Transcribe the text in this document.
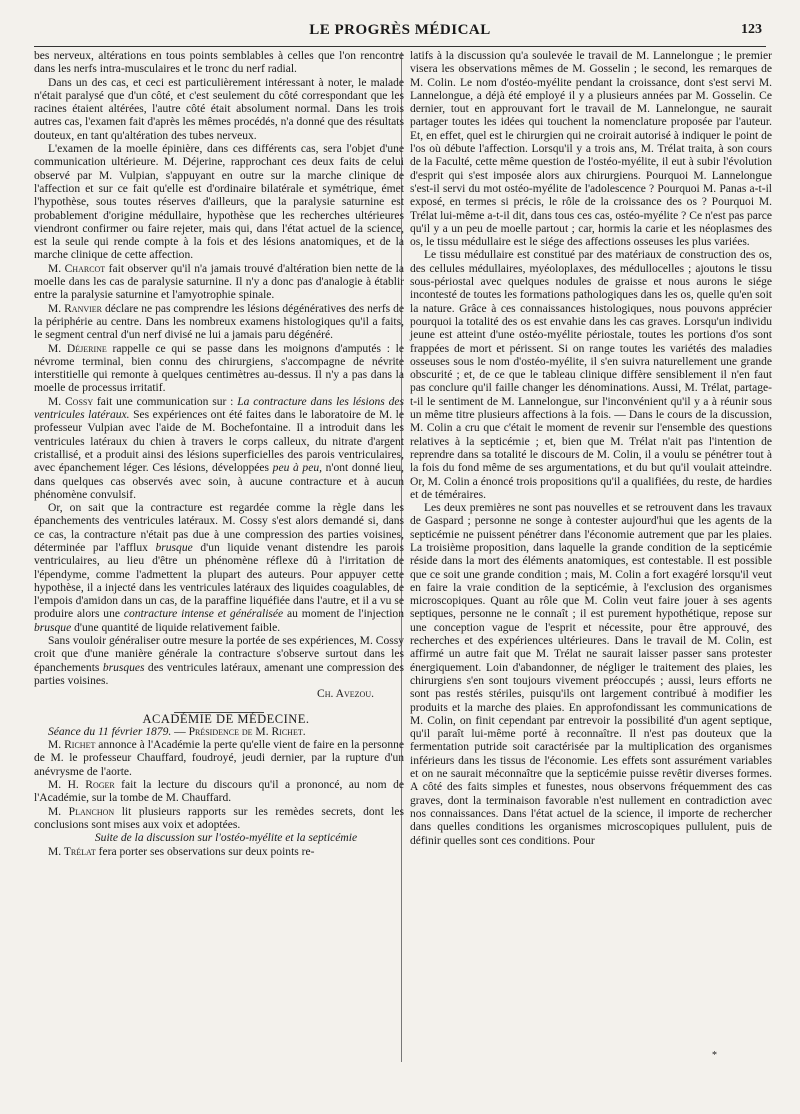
LE PROGRÈS MÉDICAL	123

bes nerveux, altérations en tous points semblables à celles que l'on rencontre dans les nerfs intra-musculaires et le tronc du nerf radial.

Dans un des cas, et ceci est particulièrement intéressant à noter, le malade n'était paralysé que d'un côté, et c'est seulement du côté correspondant que les racines étaient altérées, l'autre côté était absolument normal. Dans les trois autres cas, l'examen fait d'après les mêmes procédés, n'a donné que des résultats douteux, en tant qu'altération des tubes nerveux.

L'examen de la moelle épinière, dans ces différents cas, sera l'objet d'une communication ultérieure. M. Déjerine, rapprochant ces deux faits de celui observé par M. Vulpian, s'appuyant en outre sur la marche clinique de l'affection et sur ce fait qu'elle est d'ordinaire bilatérale et symétrique, émet l'hypothèse, sous toutes réserves d'ailleurs, que la paralysie saturnine est probablement d'origine médullaire, hypothèse que les recherches ultérieures viendront confirmer ou faire rejeter, mais qui, dans l'état actuel de la science, est la seule qui rende compte à la fois et des lésions anatomiques, et de la marche clinique de cette affection.

M. Charcot fait observer qu'il n'a jamais trouvé d'altération bien nette de la moelle dans les cas de paralysie saturnine. Il n'y a donc pas d'analogie à établir entre la paralysie saturnine et l'amyotrophie spinale.

M. Ranvier déclare ne pas comprendre les lésions dégénératives des nerfs de la périphérie au centre. Dans les nombreux examens histologiques qu'il a faits, le segment central d'un nerf divisé ne lui a jamais paru dégénéré.

M. Déjerine rappelle ce qui se passe dans les moignons d'amputés : le névrome terminal, bien connu des chirurgiens, s'accompagne de névrite interstitielle qui remonte à quelques centimètres au-dessus. Il n'y a pas dans la moelle de processus irritatif.

M. Cossy fait une communication sur : La contracture dans les lésions des ventricules latéraux. Ses expériences ont été faites dans le laboratoire de M. le professeur Vulpian avec l'aide de M. Bochefontaine. Il a introduit dans les ventricules latéraux du chien à travers le corps calleux, du nitrate d'argent cristallisé, et a produit ainsi des lésions superficielles des parois ventriculaires, avec épanchement léger. Ces lésions, développées peu à peu, n'ont donné lieu, dans quelques cas observés avec soin, à aucune contracture et à aucun phénomène convulsif.

Or, on sait que la contracture est regardée comme la règle dans les épanchements des ventricules latéraux. M. Cossy s'est alors demandé si, dans ce cas, la contracture n'était pas due à une compression des parties voisines, déterminée par l'afflux brusque d'un liquide venant distendre les parois ventriculaires, au lieu d'être un phénomène réflexe dû à l'irritation de l'épendyme, comme l'admettent la plupart des auteurs. Pour appuyer cette hypothèse, il a injecté dans les ventricules latéraux des liquides coagulables, de l'empois d'amidon dans un cas, de la paraffine liquéfiée dans l'autre, et il a vu se produire alors une contracture intense et généralisée au moment de l'injection brusque d'une quantité de liquide relativement faible.

Sans vouloir généraliser outre mesure la portée de ses expériences, M. Cossy croit que d'une manière générale la contracture s'observe surtout dans les épanchements brusques des ventricules latéraux, amenant une compression des parties voisines.

Ch. Avezou.

ACADÉMIE DE MÉDECINE.

Séance du 11 février 1879. — Présidence de M. Richet.

M. Richet annonce à l'Académie la perte qu'elle vient de faire en la personne de M. le professeur Chauffard, foudroyé, jeudi dernier, par la rupture d'un anévrysme de l'aorte.

M. H. Roger fait la lecture du discours qu'il a prononcé, au nom de l'Académie, sur la tombe de M. Chauffard.

M. Planchon lit plusieurs rapports sur les remèdes secrets, dont les conclusions sont mises aux voix et adoptées.

Suite de la discussion sur l'ostéo-myélite et la septicémie

M. Trélat fera porter ses observations sur deux points re-

latifs à la discussion qu'a soulevée le travail de M. Lannelongue ; le premier visera les observations mêmes de M. Gosselin ; le second, les remarques de M. Colin. Le nom d'ostéo-myélite pendant la croissance, dont s'est servi M. Lannelongue, a déjà été employé il y a plusieurs années par M. Gosselin. Ce dernier, tout en approuvant fort le travail de M. Lannelongue, ne saurait partager toutes les idées qui touchent la nomenclature proposée par l'auteur. Et, en effet, quel est le chirurgien qui ne croirait autorisé à indiquer le point de l'os où débute l'affection. Lorsqu'il y a trois ans, M. Trélat traita, à son cours de la Faculté, cette même question de l'ostéo-myélite, il eut à subir l'évolution d'esprit qui s'est imposée alors aux chirurgiens. Pourquoi M. Lannelongue s'est-il servi du mot ostéo-myélite de l'adolescence ? Pourquoi M. Panas a-t-il exposé, en termes si précis, le rôle de la croissance des os ? Pourquoi M. Trélat lui-même a-t-il dit, dans tous ces cas, ostéo-myélite ? Ce n'est pas parce qu'il y a un peu de moelle partout ; car, hormis la carie et les néoplasmes des os, le tissu médullaire est le siége des affections osseuses les plus variées.

Le tissu médullaire est constitué par des matériaux de construction des os, des cellules médullaires, myéoloplaxes, des médullocelles ; ajoutons le tissu sous-périostal avec quelques nodules de graisse et nous aurons le siége incontesté de toutes les formations pathologiques dans les os, quelle qu'en soit la nature. Grâce à ces connaissances histologiques, nous pouvons apprécier pourquoi la totalité des os est envahie dans les cas graves. Lorsqu'un individu jeune est atteint d'une ostéo-myélite périostale, toutes les portions d'os sont frappées de mort et périssent. Si on range toutes les variétés des maladies osseuses sous le nom d'ostéo-myélite, il s'en suivra naturellement une grande obscurité ; et, de ce que le tableau clinique diffère sensiblement il n'en faut pas conclure qu'il faille changer les dénominations. Aussi, M. Trélat, partage-t-il le sentiment de M. Lannelongue, sur l'inconvénient qu'il y a à réunir sous un même titre plusieurs affections à la fois. — Dans le cours de la discussion, M. Colin a cru que c'était le moment de revenir sur l'ensemble des questions relatives à la septicémie ; et, bien que M. Trélat n'ait pas l'intention de reprendre dans sa totalité le discours de M. Colin, il a voulu se pénétrer tout à la fois du fond même de ses argumentations, et du but qu'il voulait atteindre. Or, M. Colin a énoncé trois propositions qu'il a qualifiées, du reste, de hardies et de téméraires.

Les deux premières ne sont pas nouvelles et se retrouvent dans les travaux de Gaspard ; personne ne songe à contester aujourd'hui que les agents de la septicémie ne puissent pénétrer dans l'économie autrement que par les plaies. La troisième proposition, dans laquelle la grande condition de la septicémie réside dans la mort des éléments anatomiques, est contestable. Il est possible que ce soit une grande condition ; mais, M. Colin a fort exagéré lorsqu'il veut en faire la vraie condition de la septicémie, à l'exclusion des organismes microscopiques. Quant au rôle que M. Colin veut faire jouer à ses agents septiques, personne ne le connaît ; il est purement hypothétique, repose sur une conception vague de l'esprit et nécessite, pour être approuvé, des recherches et des expériences ultérieures. Dans le travail de M. Colin, est affirmé un autre fait que M. Trélat ne saurait laisser passer sans protester énergiquement. Loin d'abandonner, de négliger le traitement des plaies, les chirurgiens s'en sont toujours vivement préoccupés ; aussi, leurs efforts ne sont pas restés stériles, puisqu'ils ont largement contribué à modifier les produits et la marche des plaies. En approfondissant les communications de M. Colin, on finit cependant par entrevoir la possibilité d'un agent septique, qu'il paraît lui-même porté à reconnaître. Il n'est pas douteux que la fermentation putride soit caractérisée par la multiplication des organismes inférieurs dans les tissus de l'économie. Les effets sont assurément variables et on ne saurait méconnaître que la septicémie puisse revêtir diverses formes. A côté des faits simples et funestes, nous observons fréquemment des cas graves, dont la terminaison favorable n'est nullement en contradiction avec nos connaissances. Dans l'état actuel de la science, il importe de rechercher dans quelles conditions les organismes microscopiques pullulent, puis de définir quelles sont ces conditions. Pour

*
